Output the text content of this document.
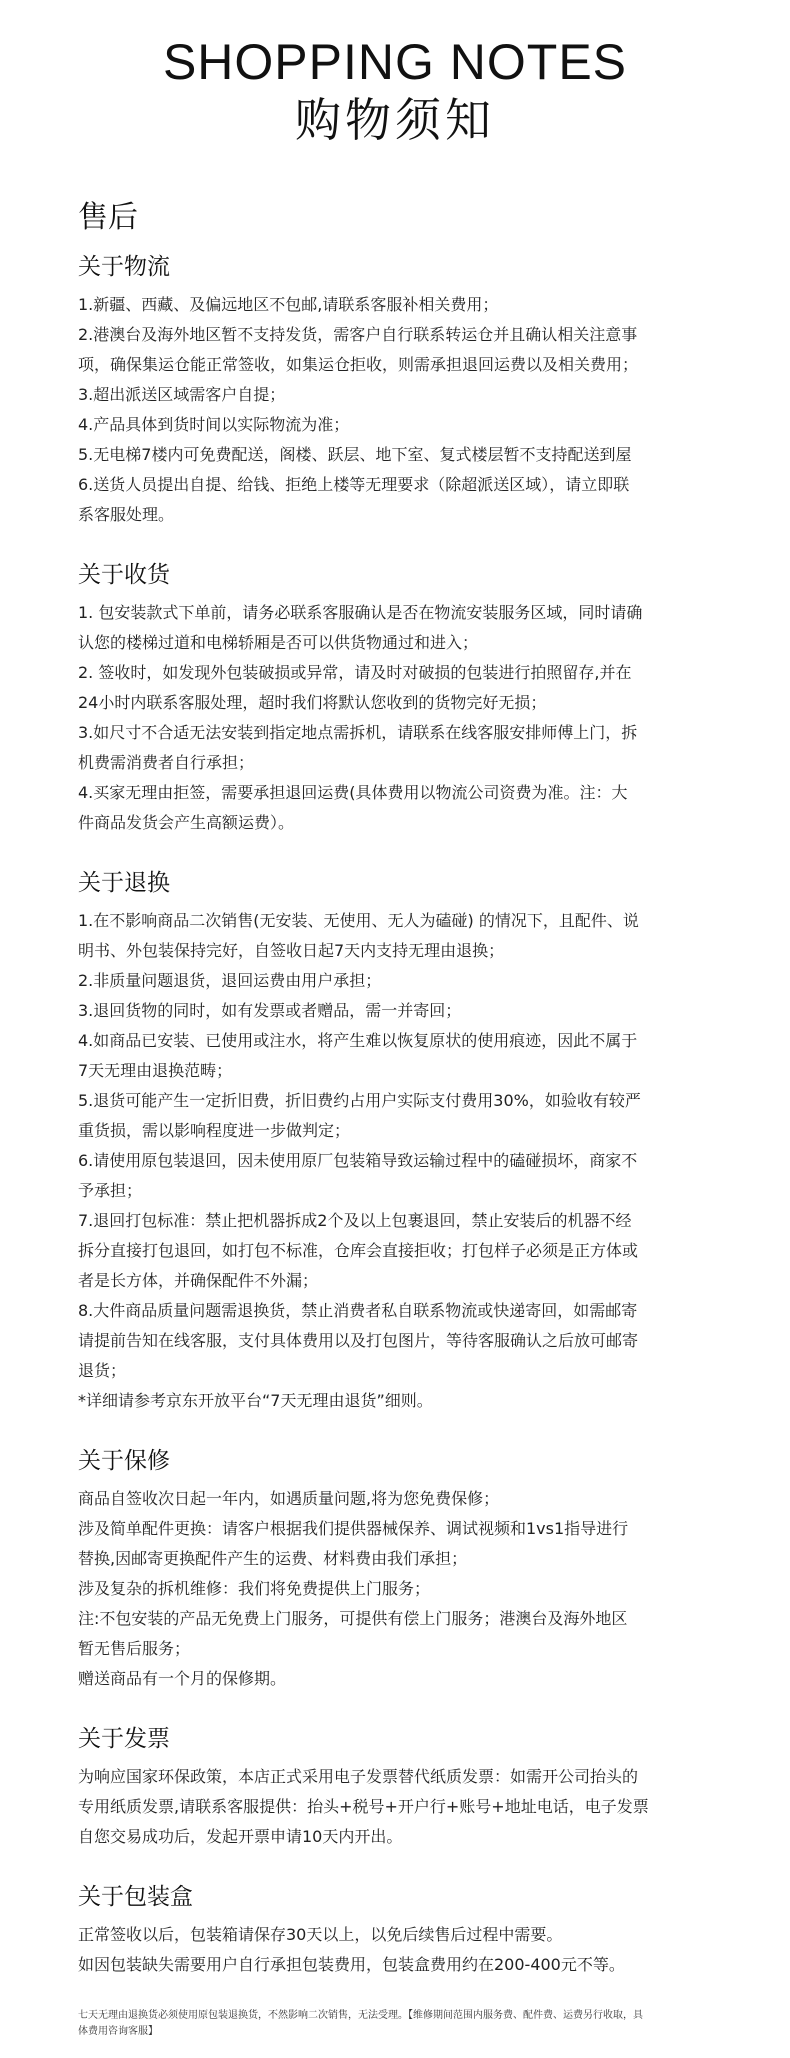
SHOPPING NOTES
购物须知
售后
关于物流

1.新疆、西藏、及偏远地区不包邮,请联系客服补相关费用；

2.港澳台及海外地区暂不支持发货，需客户自行联系转运仓并且确认相关注意事

项，确保集运仓能正常签收，如集运仓拒收，则需承担退回运费以及相关费用；

3.超出派送区域需客户自提；

4.产品具体到货时间以实际物流为准；

5.无电梯7楼内可免费配送，阁楼、跃层、地下室、复式楼层暂不支持配送到屋

6.送货人员提出自提、给钱、拒绝上楼等无理要求（除超派送区域），请立即联

系客服处理。

关于收货

1. 包安装款式下单前，请务必联系客服确认是否在物流安装服务区域，同时请确

认您的楼梯过道和电梯轿厢是否可以供货物通过和进入；

2. 签收时，如发现外包装破损或异常，请及时对破损的包装进行拍照留存,并在

24小时内联系客服处理，超时我们将默认您收到的货物完好无损；

3.如尺寸不合适无法安装到指定地点需拆机，请联系在线客服安排师傅上门，拆

机费需消费者自行承担；

4.买家无理由拒签，需要承担退回运费(具体费用以物流公司资费为准。注：大

件商品发货会产生高额运费）。

关于退换

1.在不影响商品二次销售(无安装、无使用、无人为磕碰) 的情况下，且配件、说

明书、外包装保持完好，自签收日起7天内支持无理由退换；

2.非质量问题退货，退回运费由用户承担；

3.退回货物的同时，如有发票或者赠品，需一并寄回；

4.如商品已安装、已使用或注水，将产生难以恢复原状的使用痕迹，因此不属于

7天无理由退换范畴；

5.退货可能产生一定折旧费，折旧费约占用户实际支付费用30%，如验收有较严

重货损，需以影响程度进一步做判定；

6.请使用原包装退回，因未使用原厂包装箱导致运输过程中的磕碰损坏，商家不

予承担；

7.退回打包标准：禁止把机器拆成2个及以上包裹退回，禁止安装后的机器不经

拆分直接打包退回，如打包不标准，仓库会直接拒收；打包样子必须是正方体或

者是长方体，并确保配件不外漏；

8.大件商品质量问题需退换货，禁止消费者私自联系物流或快递寄回，如需邮寄

请提前告知在线客服，支付具体费用以及打包图片，等待客服确认之后放可邮寄

退货；

*详细请参考京东开放平台“7天无理由退货”细则。

关于保修

商品自签收次日起一年内，如遇质量问题,将为您免费保修；

涉及简单配件更换：请客户根据我们提供器械保养、调试视频和1vs1指导进行

替换,因邮寄更换配件产生的运费、材料费由我们承担；

涉及复杂的拆机维修：我们将免费提供上门服务；

注:不包安装的产品无免费上门服务，可提供有偿上门服务；港澳台及海外地区

暂无售后服务；

赠送商品有一个月的保修期。

关于发票

为响应国家环保政策，本店正式采用电子发票替代纸质发票：如需开公司抬头的

专用纸质发票,请联系客服提供：抬头+税号+开户行+账号+地址电话，电子发票

自您交易成功后，发起开票申请10天内开出。

关于包装盒

正常签收以后，包装箱请保存30天以上，以免后续售后过程中需要。

如因包装缺失需要用户自行承担包装费用，包装盒费用约在200-400元不等。

七天无理由退换货必须使用原包装退换货，不然影响二次销售，无法受理。【维修期间范围内服务费、配件费、运费另行收取，具
体费用咨询客服】
